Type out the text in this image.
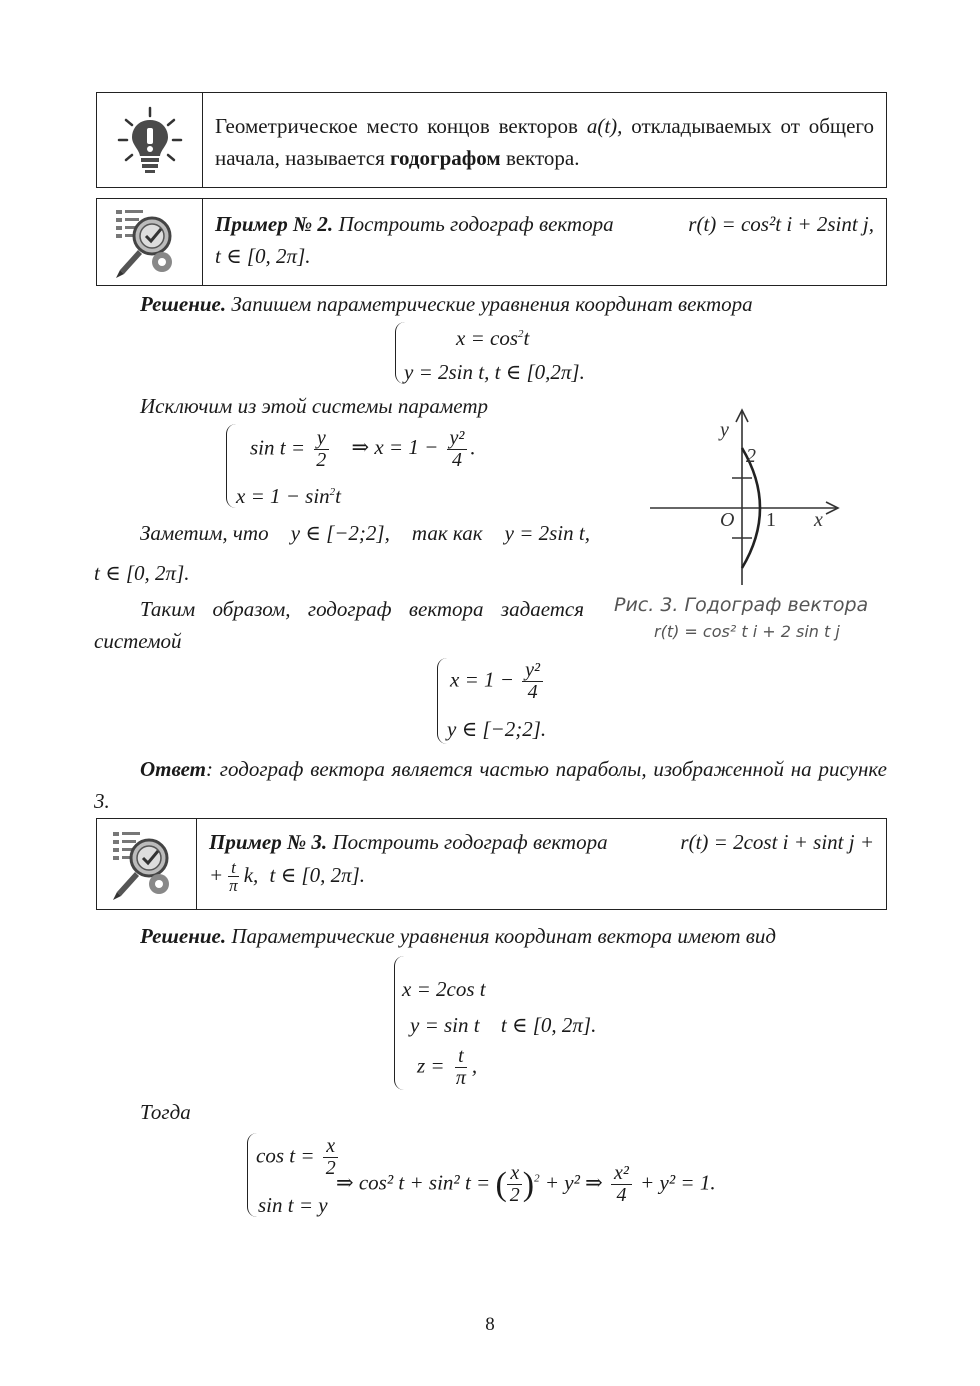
Геометрическое место концов векторов a(t), откладываемых от общего начала, называется годографом вектора.
Пример № 2. Построить годограф вектора	r(t) = cos²t i + 2sint j,
t ∈ [0, 2π].
Решение. Запишем параметрические уравнения координат вектора
$x = \cos^2t$
y = 2sin t, t ∈ [0,2π].
Исключим из этой системы параметр
$\sin t = \frac{y}{2}$ ⇒ $x = 1 - \frac{\text{y²}}{4}$ .
$x = 1 - \sin^2t$
Заметим, что y ∈ [−2;2], так как y = 2sin t,
t ∈ [0, 2π].
Таким образом, годограф вектора задается системой
y
2
O 1 x
Рис. 3. Годограф вектора
r(t) = cos² t i + 2 sin t j
$x = 1 - \frac{\text{y²}}{4}$
y ∈ [−2;2].
Ответ: годограф вектора является частью параболы, изображенной на рисунке 3.
Пример № 3. Построить годограф вектора	r(t) = 2cost i + sint j +
+ $\frac{t}{\pi} k$, t ∈ [0, 2π].
Решение. Параметрические уравнения координат вектора имеют вид
x = 2cos t
y = sin t t ∈ [0, 2π].
$z = \frac{t}{\pi}$ ,
Тогда
$\cos t = \frac{x}{2}$
⇒ cos² t + sin² t = ( $\frac{x}{2} )^2 + y^2$ ⇒ $\frac{\text{x²}}{4} + y^2 = 1$.
sin t = y
8
